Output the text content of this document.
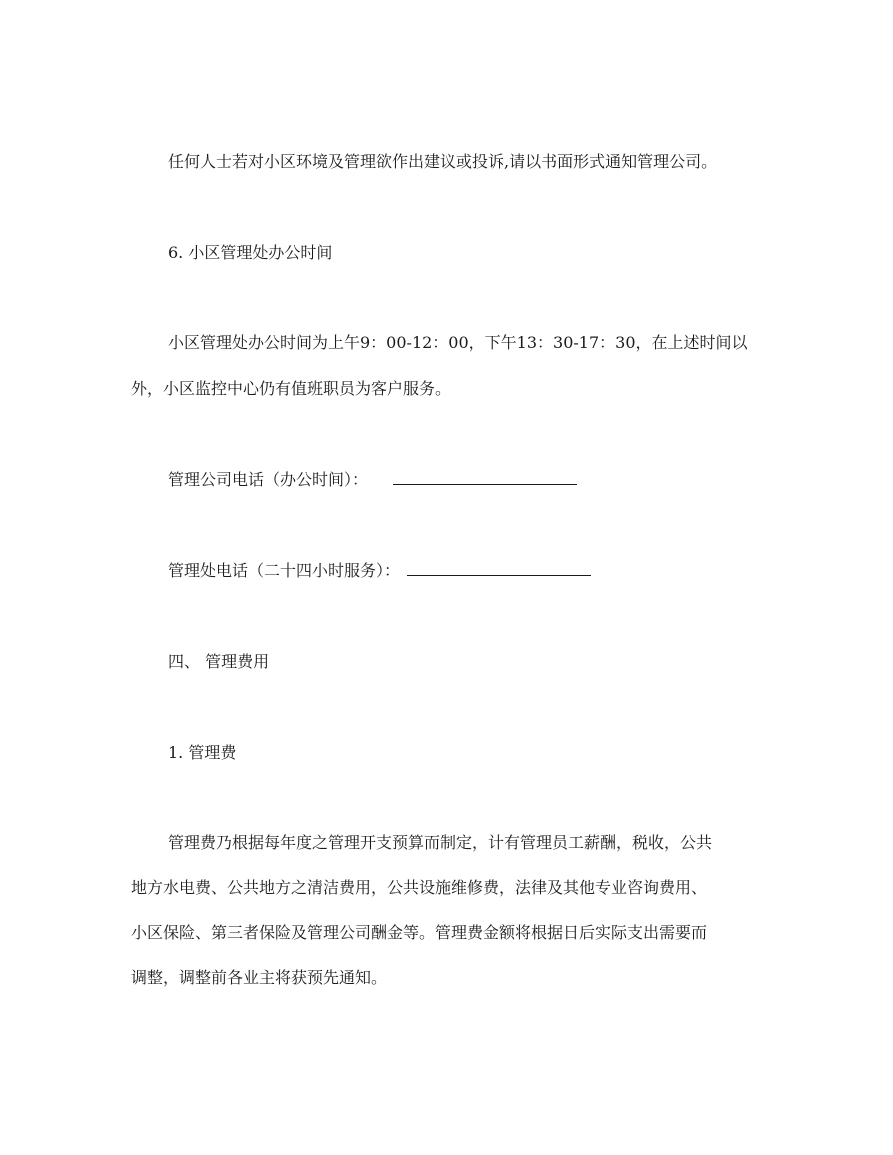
任何人士若对小区环境及管理欲作出建议或投诉,请以书面形式通知管理公司。
6. 小区管理处办公时间
小区管理处办公时间为上午9：00-12：00，下午13：30-17：30，在上述时间以
外，小区监控中心仍有值班职员为客户服务。
管理公司电话（办公时间）：
管理处电话（二十四小时服务）：
四、 管理费用
1. 管理费
管理费乃根据每年度之管理开支预算而制定，计有管理员工薪酬，税收，公共
地方水电费、公共地方之清洁费用，公共设施维修费，法律及其他专业咨询费用、
小区保险、第三者保险及管理公司酬金等。管理费金额将根据日后实际支出需要而
调整，调整前各业主将获预先通知。
